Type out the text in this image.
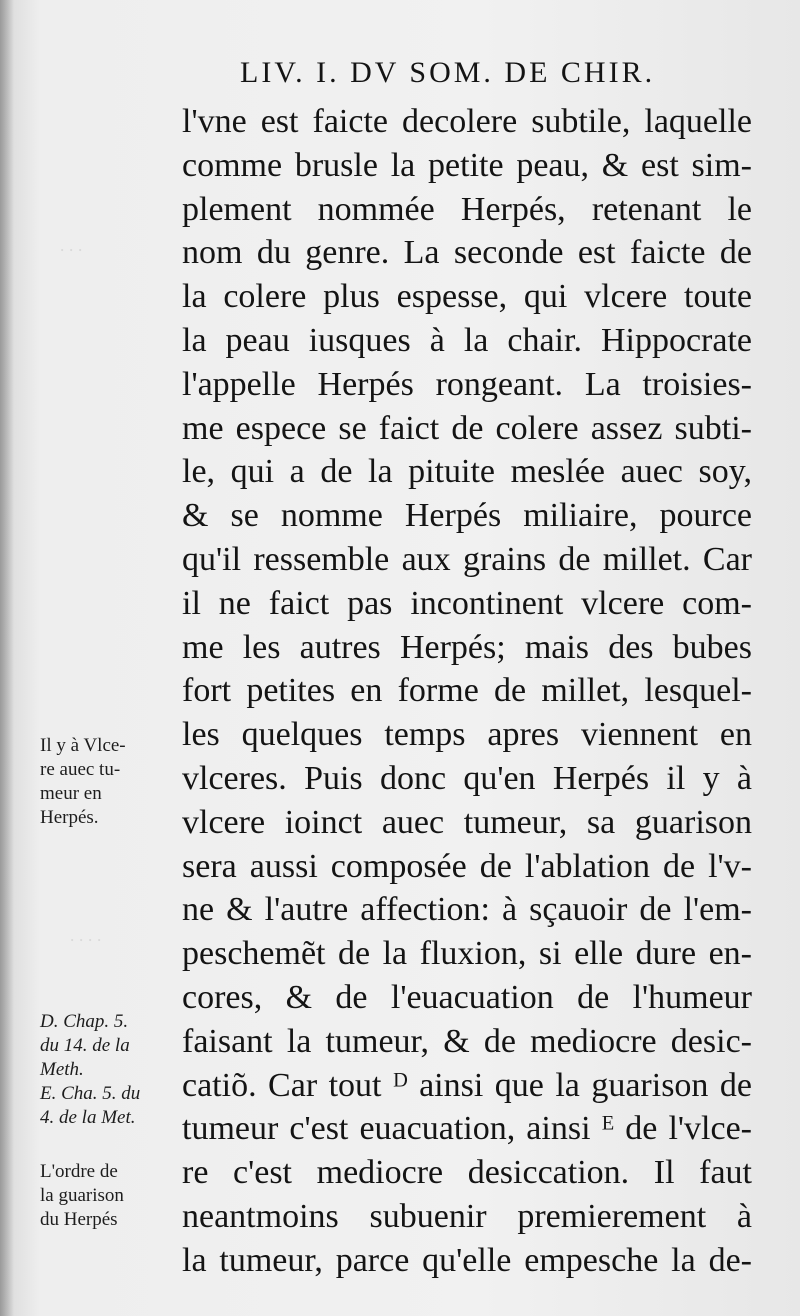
∙ ∙ ∙
∙ ∙ ∙ ∙
LIV. I. DV SOM. DE CHIR.
l'vne est faicte decolere subtile, laquelle
comme brusle la petite peau, & est sim-
plement nommée Herpés, retenant le
nom du genre. La seconde est faicte de
la colere plus espesse, qui vlcere toute
la peau iusques à la chair. Hippocrate
l'appelle Herpés rongeant. La troisies-
me espece se faict de colere assez subti-
le, qui a de la pituite meslée auec soy,
& se nomme Herpés miliaire, pource
qu'il ressemble aux grains de millet. Car
il ne faict pas incontinent vlcere com-
me les autres Herpés; mais des bubes
fort petites en forme de millet, lesquel-
les quelques temps apres viennent en
vlceres. Puis donc qu'en Herpés il y à
vlcere ioinct auec tumeur, sa guarison
sera aussi composée de l'ablation de l'v-
ne & l'autre affection: à sçauoir de l'em-
peschemẽt de la fluxion, si elle dure en-
cores, & de l'euacuation de l'humeur
faisant la tumeur, & de mediocre desic-
catiõ. Car tout ᴰ ainsi que la guarison de
tumeur c'est euacuation, ainsi ᴱ de l'vlce-
re c'est mediocre desiccation. Il faut
neantmoins subuenir premierement à
la tumeur, parce qu'elle empesche la de-
Il y à Vlce-
re auec tu-
meur en
Herpés.
D. Chap. 5.
du 14. de la
Meth.
E. Cha. 5. du
4. de la Met.
L'ordre de
la guarison
du Herpés
